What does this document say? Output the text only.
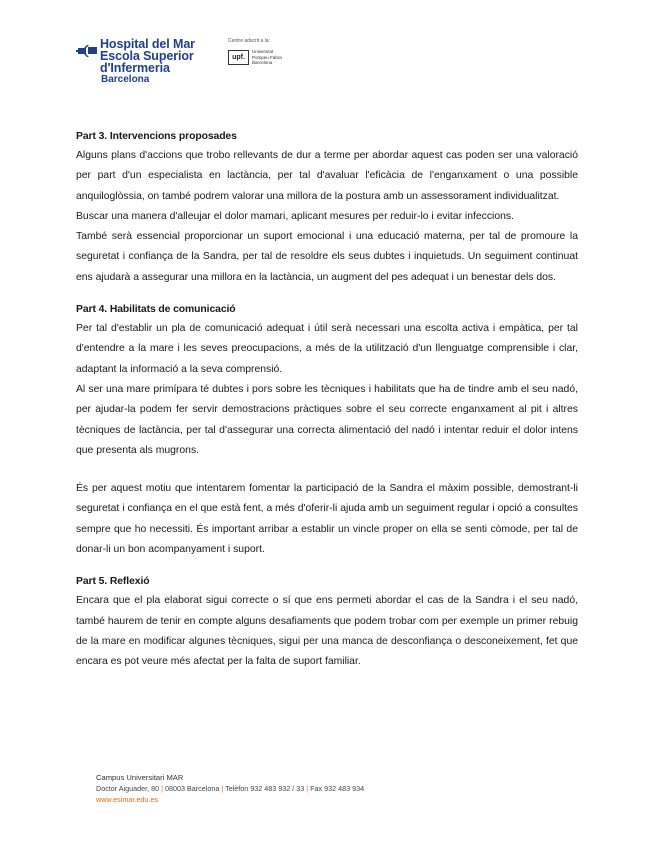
Hospital del Mar
Escola Superior
d'Infermeria
Barcelona
Centre adscrit a la:
upf.
Universitat
Pompeu Fabra
Barcelona
Part 3. Intervencions proposades

Alguns plans d'accions que trobo rellevants de dur a terme per abordar aquest cas poden ser una valoració per part d'un especialista en lactància, per tal d'avaluar l'eficàcia de l'enganxament o una possible anquiloglòssia, on també podrem valorar una millora de la postura amb un assessorament individualitzat.

Buscar una manera d'alleujar el dolor mamari, aplicant mesures per reduir-lo i evitar infeccions.

També serà essencial proporcionar un suport emocional i una educació materna, per tal de promoure la seguretat i confiança de la Sandra, per tal de resoldre els seus dubtes i inquietuds. Un seguiment continuat ens ajudarà a assegurar una millora en la lactància, un augment del pes adequat i un benestar dels dos.

Part 4. Habilitats de comunicació

Per tal d'establir un pla de comunicació adequat i útil serà necessari una escolta activa i empàtica, per tal d'entendre a la mare i les seves preocupacions, a més de la utilització d'un llenguatge comprensible i clar, adaptant la informació a la seva comprensió.

Al ser una mare primípara té dubtes i pors sobre les tècniques i habilitats que ha de tindre amb el seu nadó, per ajudar-la podem fer servir demostracions pràctiques sobre el seu correcte enganxament al pit i altres tècniques de lactància, per tal d'assegurar una correcta alimentació del nadó i intentar reduir el dolor intens que presenta als mugrons.

És per aquest motiu que intentarem fomentar la participació de la Sandra el màxim possible, demostrant-li seguretat i confiança en el que està fent, a més d'oferir-li ajuda amb un seguiment regular i opció a consultes sempre que ho necessiti. És important arribar a establir un vincle proper on ella se senti còmode, per tal de donar-li un bon acompanyament i suport.

Part 5. Reflexió

Encara que el pla elaborat sigui correcte o sí que ens permeti abordar el cas de la Sandra i el seu nadó, també haurem de tenir en compte alguns desafiaments que podem trobar com per exemple un primer rebuig de la mare en modificar algunes tècniques, sigui per una manca de desconfiança o desconeixement, fet que encara es pot veure més afectat per la falta de suport familiar.

Campus Universitari MAR
Doctor Aiguader, 80 | 08003 Barcelona | Telèfon 932 483 932 / 33 | Fax 932 483 934
www.esimar.edu.es
